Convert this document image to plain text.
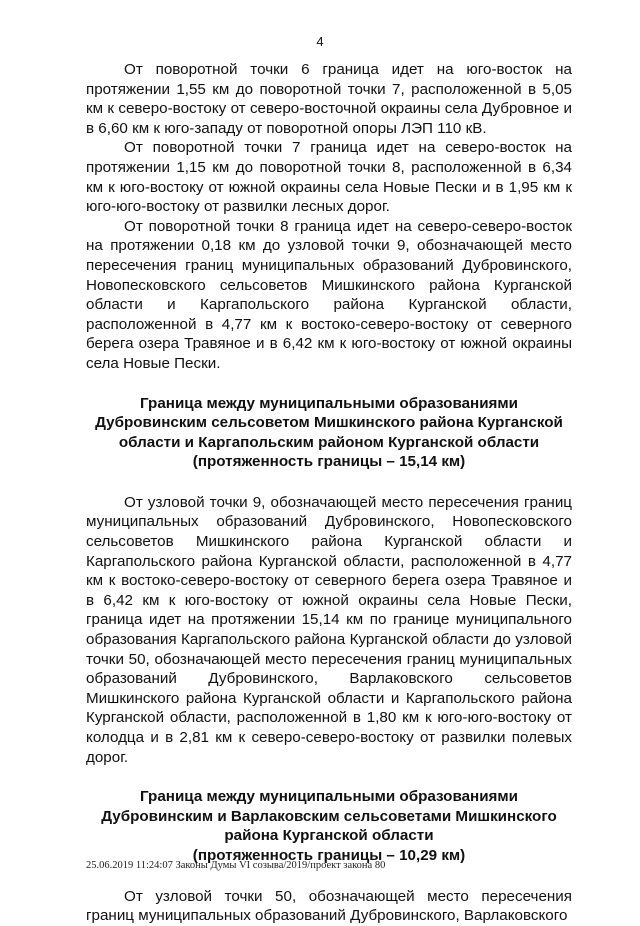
4

От поворотной точки 6 граница идет на юго-восток на протяжении 1,55 км до поворотной точки 7, расположенной в 5,05 км к северо-востоку от северо-восточной окраины села Дубровное и в 6,60 км к юго-западу от поворотной опоры ЛЭП 110 кВ.

От поворотной точки 7 граница идет на северо-восток на протяжении 1,15 км до поворотной точки 8, расположенной в 6,34 км к юго-востоку от южной окраины села Новые Пески и в 1,95 км к юго-юго-востоку от развилки лесных дорог.

От поворотной точки 8 граница идет на северо-северо-восток на протяжении 0,18 км до узловой точки 9, обозначающей место пересечения границ муниципальных образований Дубровинского, Новопесковского сельсоветов Мишкинского района Курганской области и Каргапольского района Курганской области, расположенной в 4,77 км к востоко-северо-востоку от северного берега озера Травяное и в 6,42 км к юго-востоку от южной окраины села Новые Пески.

Граница между муниципальными образованиями
Дубровинским сельсоветом Мишкинского района Курганской
области и Каргапольским районом Курганской области
(протяженность границы – 15,14 км)

От узловой точки 9, обозначающей место пересечения границ муниципальных образований Дубровинского, Новопесковского сельсоветов Мишкинского района Курганской области и Каргапольского района Курганской области, расположенной в 4,77 км к востоко-северо-востоку от северного берега озера Травяное и в 6,42 км к юго-востоку от южной окраины села Новые Пески, граница идет на протяжении 15,14 км по границе муниципального образования Каргапольского района Курганской области до узловой точки 50, обозначающей место пересечения границ муниципальных образований Дубровинского, Варлаковского сельсоветов Мишкинского района Курганской области и Каргапольского района Курганской области, расположенной в 1,80 км к юго-юго-востоку от колодца и в 2,81 км к северо-северо-востоку от развилки полевых дорог.

Граница между муниципальными образованиями
Дубровинским и Варлаковским сельсоветами Мишкинского
района Курганской области
(протяженность границы – 10,29 км)

От узловой точки 50, обозначающей место пересечения границ муниципальных образований Дубровинского, Варлаковского

25.06.2019 11:24:07 Законы Думы VI созыва/2019/проект закона 80
